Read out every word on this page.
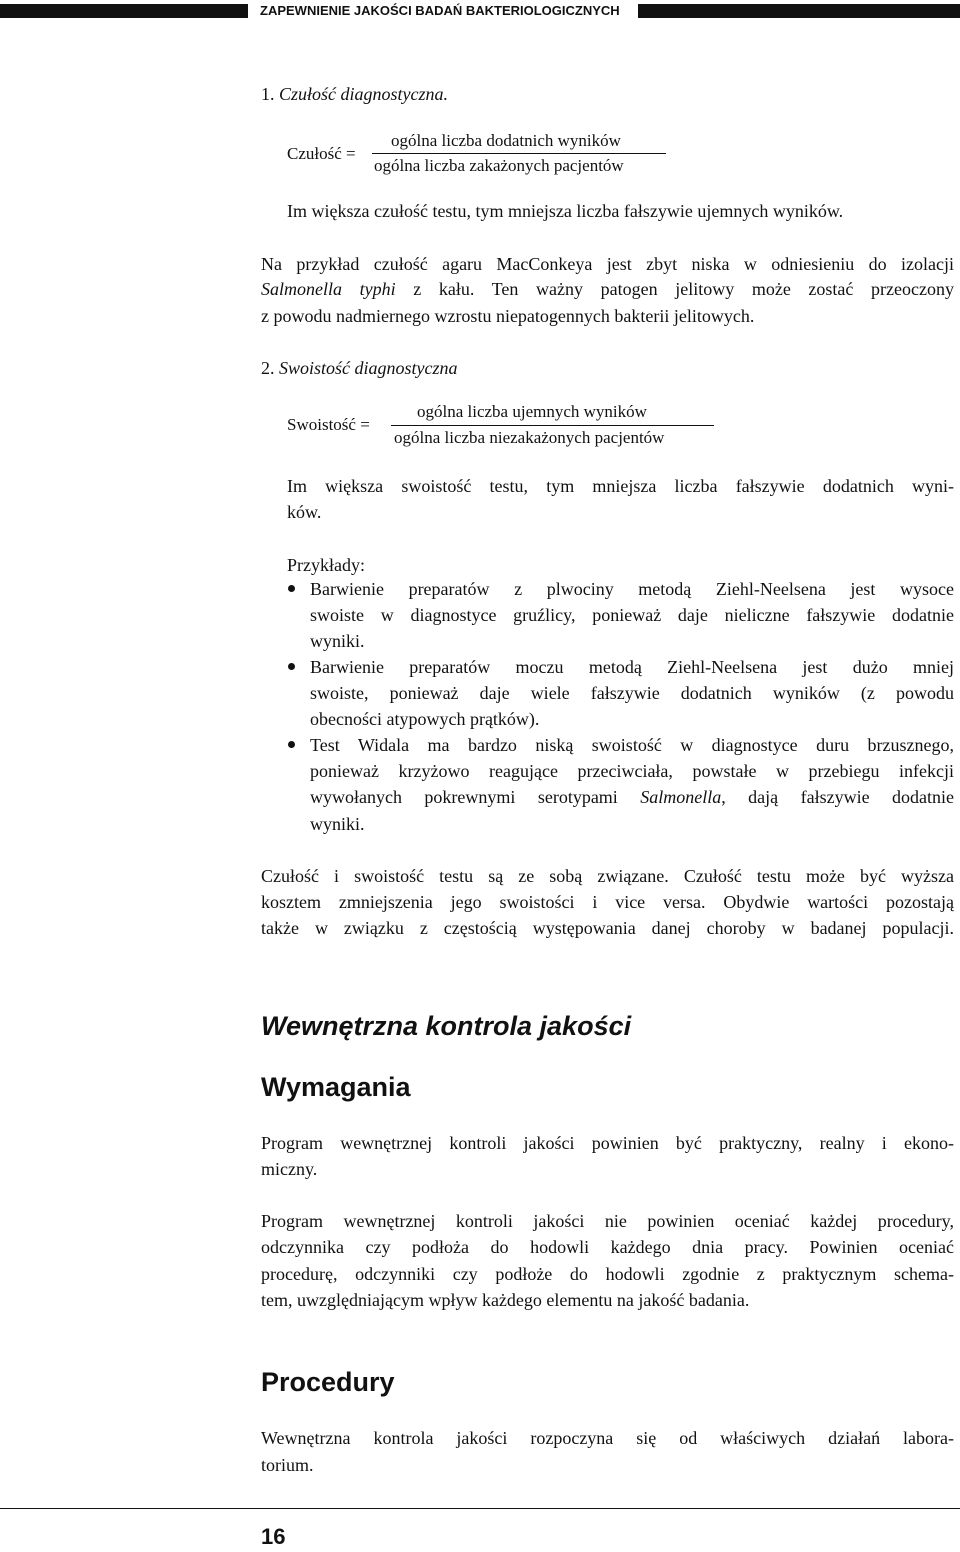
ZAPEWNIENIE JAKOŚCI BADAŃ BAKTERIOLOGICZNYCH
1. Czułość diagnostyczna.
ogólna liczba dodatnich wyników
Czułość =
ogólna liczba zakażonych pacjentów
Im większa czułość testu, tym mniejsza liczba fałszywie ujemnych wyników.
Na przykład czułość agaru MacConkeya jest zbyt niska w odniesieniu do izolacji
Salmonella typhi z kału. Ten ważny patogen jelitowy może zostać przeoczony
z powodu nadmiernego wzrostu niepatogennych bakterii jelitowych.
2. Swoistość diagnostyczna
ogólna liczba ujemnych wyników
Swoistość =
ogólna liczba niezakażonych pacjentów
Im większa swoistość testu, tym mniejsza liczba fałszywie dodatnich wyni-
ków.
Przykłady:
Barwienie preparatów z plwociny metodą Ziehl-Neelsena jest wysoce
swoiste w diagnostyce gruźlicy, ponieważ daje nieliczne fałszywie dodatnie
wyniki.
Barwienie preparatów moczu metodą Ziehl-Neelsena jest dużo mniej
swoiste, ponieważ daje wiele fałszywie dodatnich wyników (z powodu
obecności atypowych prątków).
Test Widala ma bardzo niską swoistość w diagnostyce duru brzusznego,
ponieważ krzyżowo reagujące przeciwciała, powstałe w przebiegu infekcji
wywołanych pokrewnymi serotypami Salmonella, dają fałszywie dodatnie
wyniki.
Czułość i swoistość testu są ze sobą związane. Czułość testu może być wyższa
kosztem zmniejszenia jego swoistości i vice versa. Obydwie wartości pozostają
także w związku z częstością występowania danej choroby w badanej populacji.
Wewnętrzna kontrola jakości
Wymagania
Program wewnętrznej kontroli jakości powinien być praktyczny, realny i ekono-
miczny.
Program wewnętrznej kontroli jakości nie powinien oceniać każdej procedury,
odczynnika czy podłoża do hodowli każdego dnia pracy. Powinien oceniać
procedurę, odczynniki czy podłoże do hodowli zgodnie z praktycznym schema-
tem, uwzględniającym wpływ każdego elementu na jakość badania.
Procedury
Wewnętrzna kontrola jakości rozpoczyna się od właściwych działań labora-
torium.
16
